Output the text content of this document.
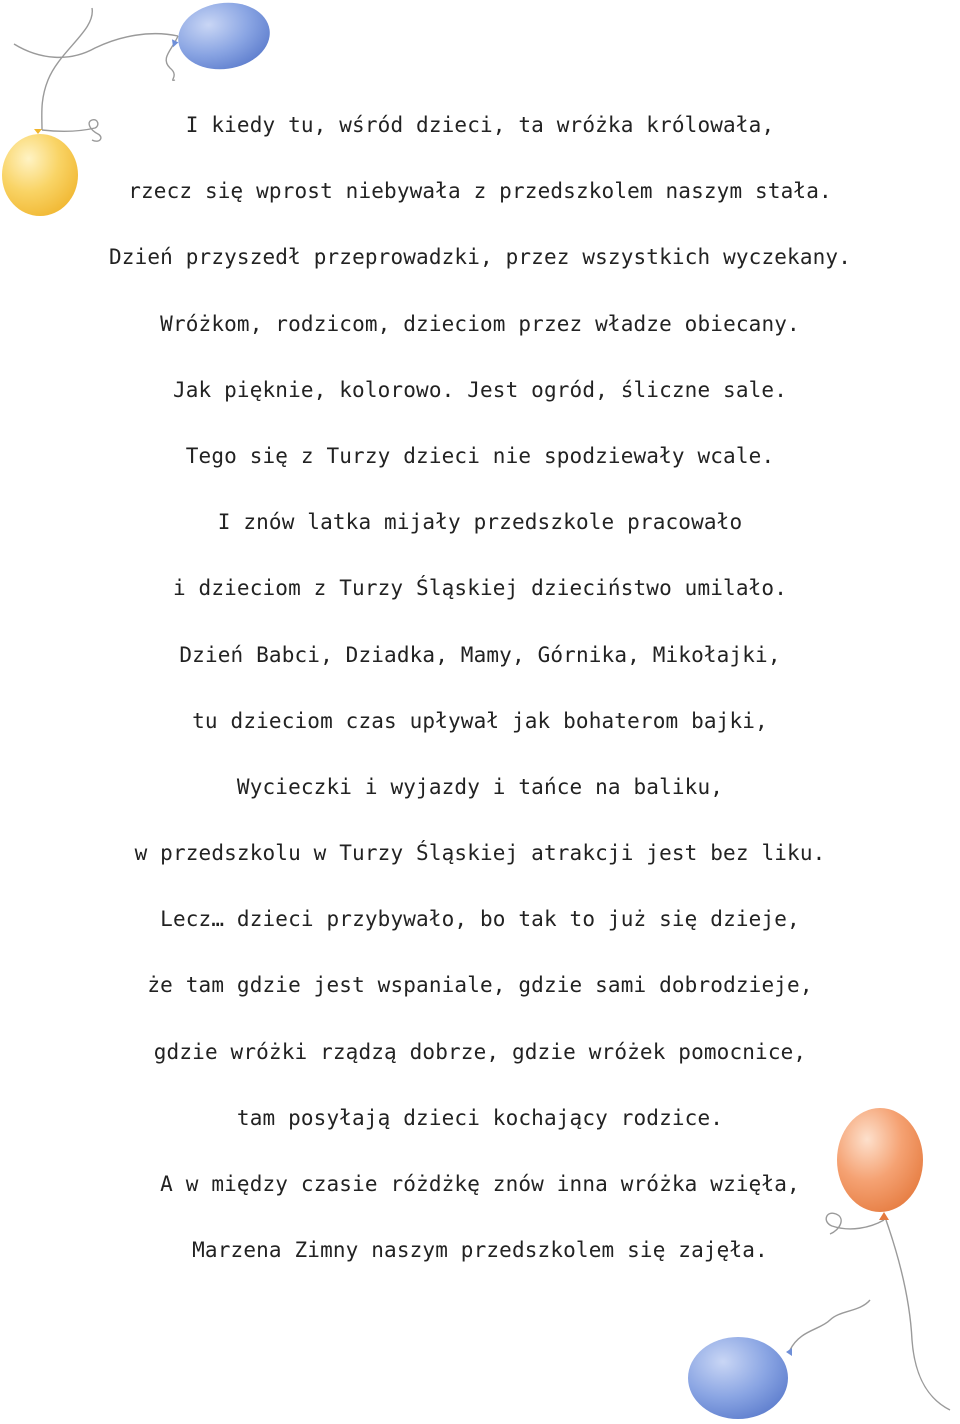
I kiedy tu, wśród dzieci, ta wróżka królowała,
rzecz się wprost niebywała z przedszkolem naszym stała.
Dzień przyszedł przeprowadzki, przez wszystkich wyczekany.
Wróżkom, rodzicom, dzieciom przez władze obiecany.
Jak pięknie, kolorowo. Jest ogród, śliczne sale.
Tego się z Turzy dzieci nie spodziewały wcale.
I znów latka mijały przedszkole pracowało
i dzieciom z Turzy Śląskiej dzieciństwo umilało.
Dzień Babci, Dziadka, Mamy, Górnika, Mikołajki,
tu dzieciom czas upływał jak bohaterom bajki,
Wycieczki i wyjazdy i tańce na baliku,
w przedszkolu w Turzy Śląskiej atrakcji jest bez liku.
Lecz… dzieci przybywało, bo tak to już się dzieje,
że tam gdzie jest wspaniale, gdzie sami dobrodzieje,
gdzie wróżki rządzą dobrze, gdzie wróżek pomocnice,
tam posyłają dzieci kochający rodzice.
A w między czasie różdżkę znów inna wróżka wzięła,
Marzena Zimny naszym przedszkolem się zajęła.
